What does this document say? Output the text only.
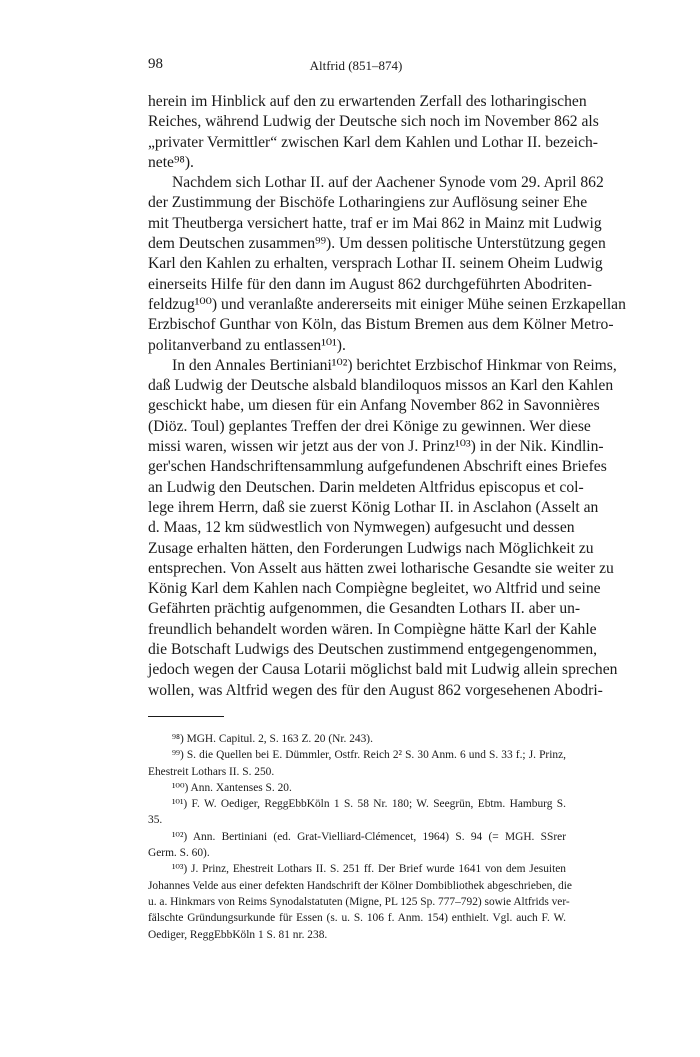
98	Altfrid (851–874)
herein im Hinblick auf den zu erwartenden Zerfall des lotharingischen
Reiches, während Ludwig der Deutsche sich noch im November 862 als
„privater Vermittler“ zwischen Karl dem Kahlen und Lothar II. bezeich-
nete⁹⁸).
Nachdem sich Lothar II. auf der Aachener Synode vom 29. April 862
der Zustimmung der Bischöfe Lotharingiens zur Auflösung seiner Ehe
mit Theutberga versichert hatte, traf er im Mai 862 in Mainz mit Ludwig
dem Deutschen zusammen⁹⁹). Um dessen politische Unterstützung gegen
Karl den Kahlen zu erhalten, versprach Lothar II. seinem Oheim Ludwig
einerseits Hilfe für den dann im August 862 durchgeführten Abodriten-
feldzug¹⁰⁰) und veranlaßte andererseits mit einiger Mühe seinen Erzkapellan
Erzbischof Gunthar von Köln, das Bistum Bremen aus dem Kölner Metro-
politanverband zu entlassen¹⁰¹).
In den Annales Bertiniani¹⁰²) berichtet Erzbischof Hinkmar von Reims,
daß Ludwig der Deutsche alsbald blandiloquos missos an Karl den Kahlen
geschickt habe, um diesen für ein Anfang November 862 in Savonnières
(Diöz. Toul) geplantes Treffen der drei Könige zu gewinnen. Wer diese
missi waren, wissen wir jetzt aus der von J. Prinz¹⁰³) in der Nik. Kindlin-
ger'schen Handschriftensammlung aufgefundenen Abschrift eines Briefes
an Ludwig den Deutschen. Darin meldeten Altfridus episcopus et col-
lege ihrem Herrn, daß sie zuerst König Lothar II. in Asclahon (Asselt an
d. Maas, 12 km südwestlich von Nymwegen) aufgesucht und dessen
Zusage erhalten hätten, den Forderungen Ludwigs nach Möglichkeit zu
entsprechen. Von Asselt aus hätten zwei lotharische Gesandte sie weiter zu
König Karl dem Kahlen nach Compiègne begleitet, wo Altfrid und seine
Gefährten prächtig aufgenommen, die Gesandten Lothars II. aber un-
freundlich behandelt worden wären. In Compiègne hätte Karl der Kahle
die Botschaft Ludwigs des Deutschen zustimmend entgegengenommen,
jedoch wegen der Causa Lotarii möglichst bald mit Ludwig allein sprechen
wollen, was Altfrid wegen des für den August 862 vorgesehenen Abodri-
⁹⁸) MGH. Capitul. 2, S. 163 Z. 20 (Nr. 243).
⁹⁹) S. die Quellen bei E. Dümmler, Ostfr. Reich 2² S. 30 Anm. 6 und S. 33 f.; J. Prinz,
Ehestreit Lothars II. S. 250.
¹⁰⁰) Ann. Xantenses S. 20.
¹⁰¹) F. W. Oediger, ReggEbbKöln 1 S. 58 Nr. 180; W. Seegrün, Ebtm. Hamburg S.
35.
¹⁰²) Ann. Bertiniani (ed. Grat-Vielliard-Clémencet, 1964) S. 94 (= MGH. SSrer
Germ. S. 60).
¹⁰³) J. Prinz, Ehestreit Lothars II. S. 251 ff. Der Brief wurde 1641 von dem Jesuiten
Johannes Velde aus einer defekten Handschrift der Kölner Dombibliothek abgeschrieben, die
u. a. Hinkmars von Reims Synodalstatuten (Migne, PL 125 Sp. 777–792) sowie Altfrids ver-
fälschte Gründungsurkunde für Essen (s. u. S. 106 f. Anm. 154) enthielt. Vgl. auch F. W.
Oediger, ReggEbbKöln 1 S. 81 nr. 238.
